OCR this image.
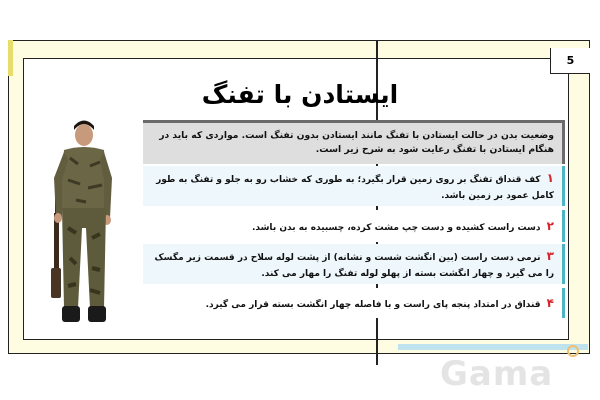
5
ایستادن با تفنگ
وضعیت بدن در حالت ایستادن با تفنگ مانند ایستادن بدون تفنگ است. مواردی که باید در هنگام ایستادن با تفنگ رعایت شود به شرح زیر است.
۱ کف قنداق تفنگ بر روی زمین قرار بگیرد؛ به طوری که خشاب رو به جلو و تفنگ به طور کامل عمود بر زمین باشد.
۲ دست راست کشیده و دست چپ مشت کرده، چسبیده به بدن باشد.
۳ نرمی دست راست (بین انگشت شست و نشانه) از پشت لوله سلاح در قسمت زیر مگسک را می گیرد و چهار انگشت بسته از پهلو لوله تفنگ را مهار می کند.
۴ قنداق در امتداد پنجه پای راست و با فاصله چهار انگشت بسته قرار می گیرد.
Gama
